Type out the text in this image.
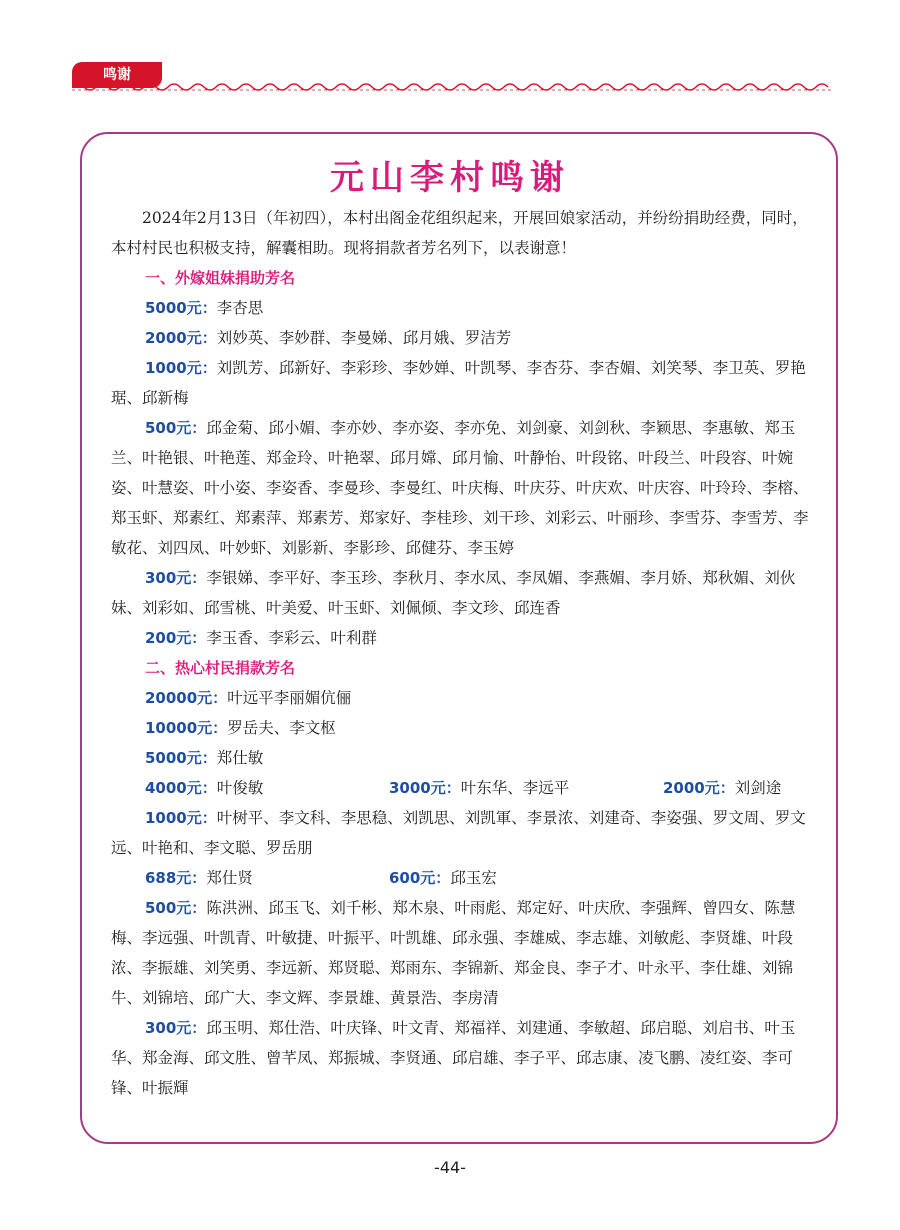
鸣谢
元山李村鸣谢

2024年2月13日（年初四），本村出阁金花组织起来，开展回娘家活动，并纷纷捐助经费，同时，本村村民也积极支持，解囊相助。现将捐款者芳名列下，以表谢意！

一、外嫁姐妹捐助芳名

5000元：李杏思

2000元：刘妙英、李妙群、李曼娣、邱月娥、罗洁芳

1000元：刘凯芳、邱新好、李彩珍、李妙婵、叶凯琴、李杏芬、李杏媚、刘笑琴、李卫英、罗艳琚、邱新梅

500元：邱金菊、邱小媚、李亦妙、李亦姿、李亦免、刘剑豪、刘剑秋、李颖思、李惠敏、郑玉兰、叶艳银、叶艳莲、郑金玲、叶艳翠、邱月嫦、邱月愉、叶静怡、叶段铭、叶段兰、叶段容、叶婉姿、叶慧姿、叶小姿、李姿香、李曼珍、李曼红、叶庆梅、叶庆芬、叶庆欢、叶庆容、叶玲玲、李榕、郑玉虾、郑素红、郑素萍、郑素芳、郑家好、李桂珍、刘干珍、刘彩云、叶丽珍、李雪芬、李雪芳、李敏花、刘四凤、叶妙虾、刘影新、李影珍、邱健芬、李玉婷

300元：李银娣、李平好、李玉珍、李秋月、李水凤、李凤媚、李燕媚、李月娇、郑秋媚、刘伙妹、刘彩如、邱雪桃、叶美爱、叶玉虾、刘佩倾、李文珍、邱连香

200元：李玉香、李彩云、叶利群

二、热心村民捐款芳名

20000元：叶远平李丽媚伉俪

10000元：罗岳夫、李文枢

5000元：郑仕敏

4000元：叶俊敏	3000元：叶东华、李远平	2000元：刘剑途

1000元：叶树平、李文科、李思稳、刘凯思、刘凯軍、李景浓、刘建奇、李姿强、罗文周、罗文远、叶艳和、李文聪、罗岳朋

688元：郑仕贤	600元：邱玉宏

500元：陈洪洲、邱玉飞、刘千彬、郑木泉、叶雨彪、郑定好、叶庆欣、李强辉、曾四女、陈慧梅、李远强、叶凯青、叶敏捷、叶振平、叶凯雄、邱永强、李雄威、李志雄、刘敏彪、李贤雄、叶段浓、李振雄、刘笑勇、李远新、郑贤聪、郑雨东、李锦新、郑金良、李子才、叶永平、李仕雄、刘锦牛、刘锦培、邱广大、李文辉、李景雄、黄景浩、李房清

300元：邱玉明、郑仕浩、叶庆锋、叶文青、郑福祥、刘建通、李敏超、邱启聪、刘启书、叶玉华、郑金海、邱文胜、曾芊凤、郑振城、李贤通、邱启雄、李子平、邱志康、凌飞鹏、凌红姿、李可锋、叶振輝

-44-
